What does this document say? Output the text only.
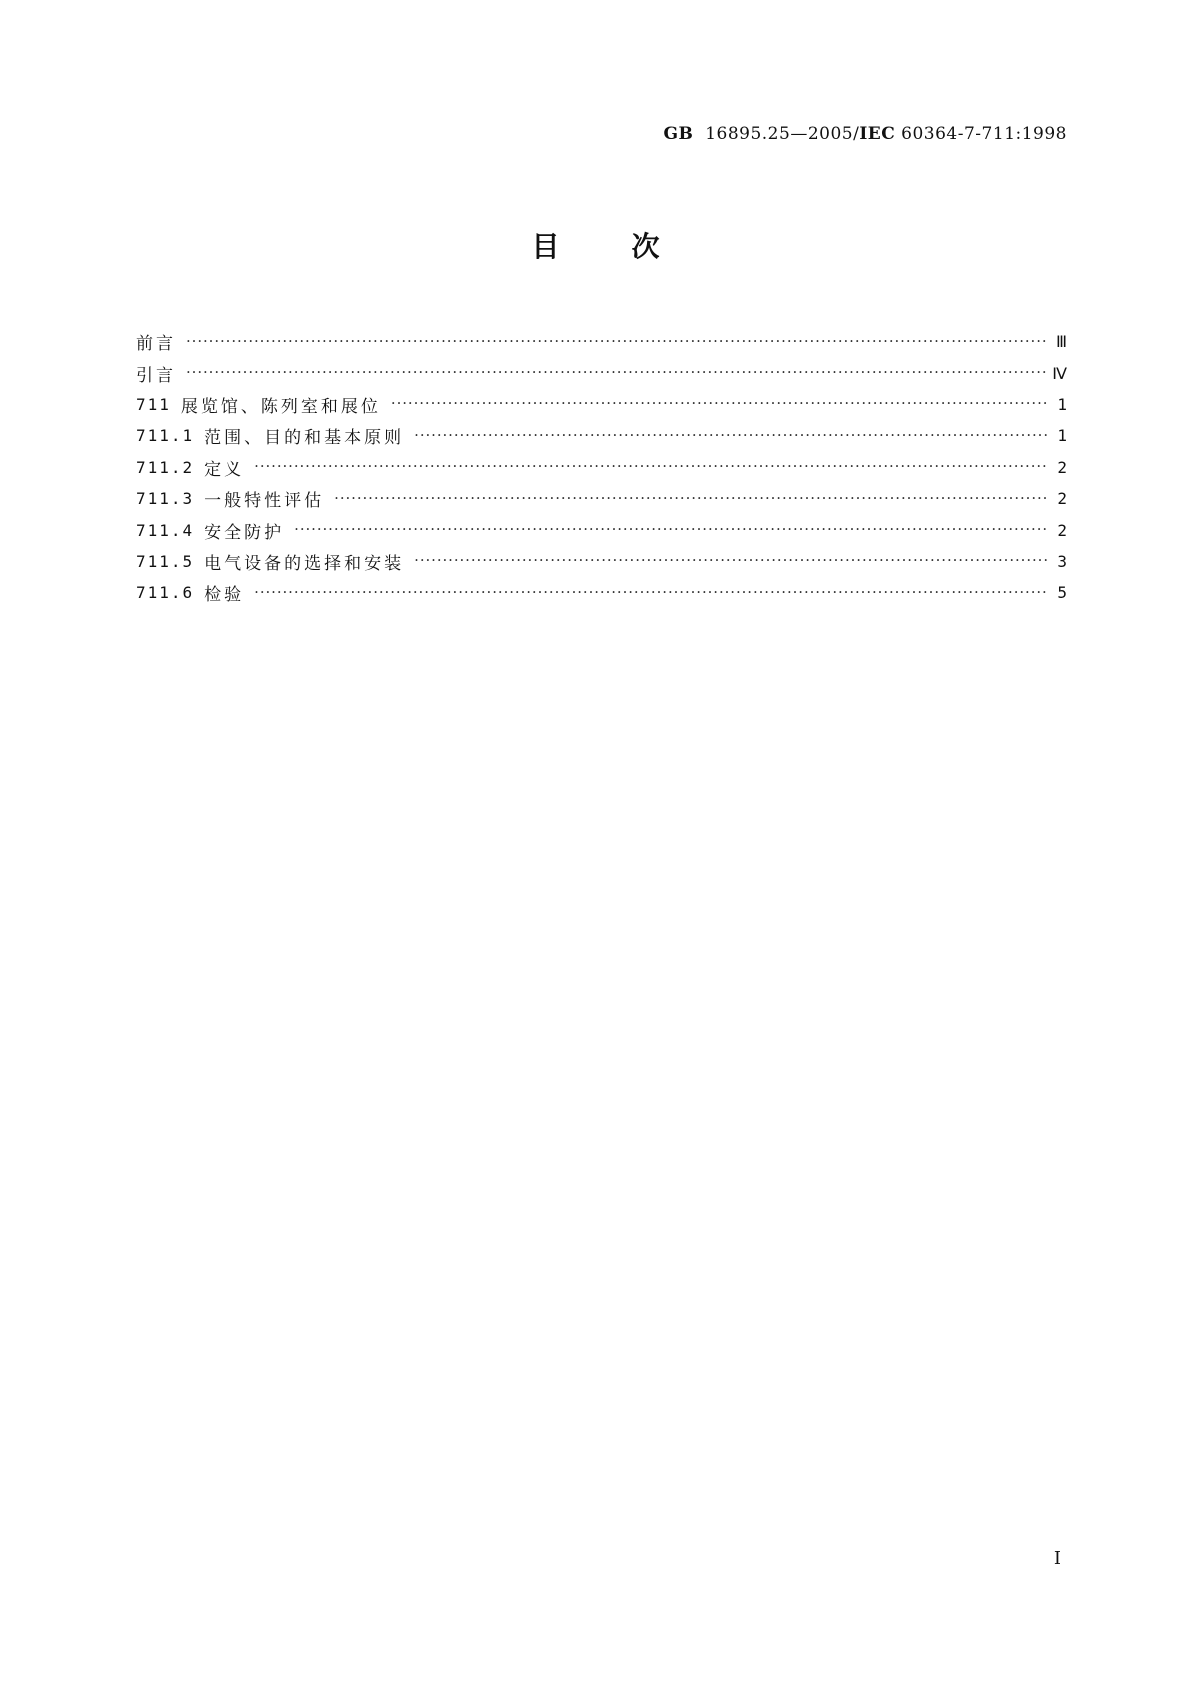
GB 16895.25—2005/IEC 60364-7-711:1998
目	次
前言 ·····	Ⅲ
引言 ·····	Ⅳ
711 展览馆、陈列室和展位 ·····	1
711.1 范围、目的和基本原则 ·····	1
711.2 定义 ·····	2
711.3 一般特性评估 ·····	2
711.4 安全防护 ·····	2
711.5 电气设备的选择和安装 ·····	3
711.6 检验 ·····	5
Ⅰ
